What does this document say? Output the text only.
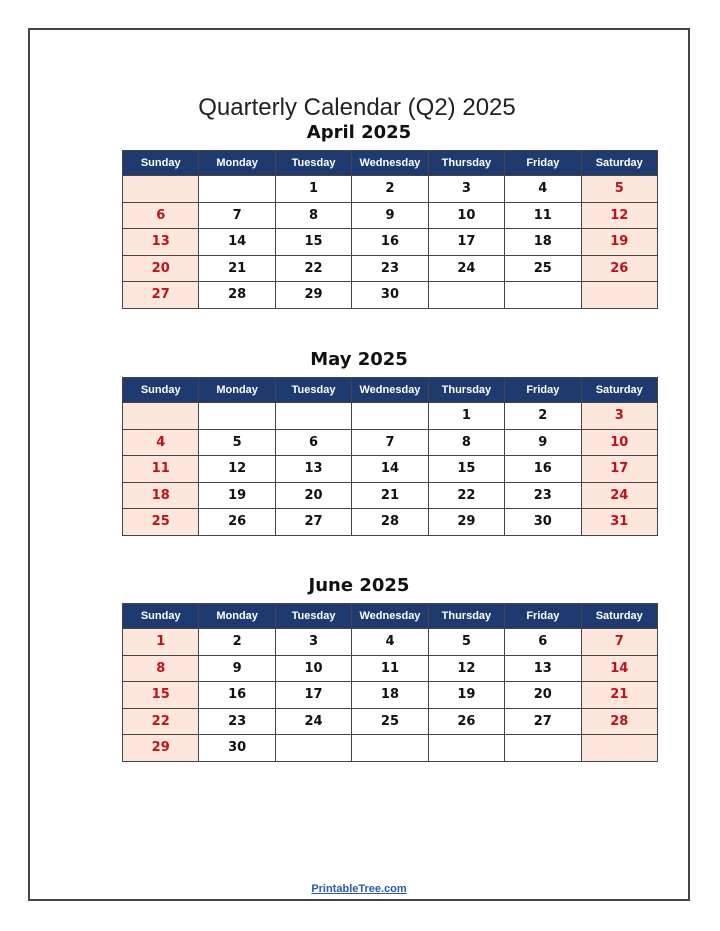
Quarterly Calendar (Q2) 2025
April 2025
Sunday	Monday	Tuesday	Wednesday	Thursday	Friday	Saturday
		1	2	3	4	5
6	7	8	9	10	11	12
13	14	15	16	17	18	19
20	21	22	23	24	25	26
27	28	29	30			
May 2025
Sunday	Monday	Tuesday	Wednesday	Thursday	Friday	Saturday
				1	2	3
4	5	6	7	8	9	10
11	12	13	14	15	16	17
18	19	20	21	22	23	24
25	26	27	28	29	30	31
June 2025
Sunday	Monday	Tuesday	Wednesday	Thursday	Friday	Saturday
1	2	3	4	5	6	7
8	9	10	11	12	13	14
15	16	17	18	19	20	21
22	23	24	25	26	27	28
29	30					
PrintableTree.com
